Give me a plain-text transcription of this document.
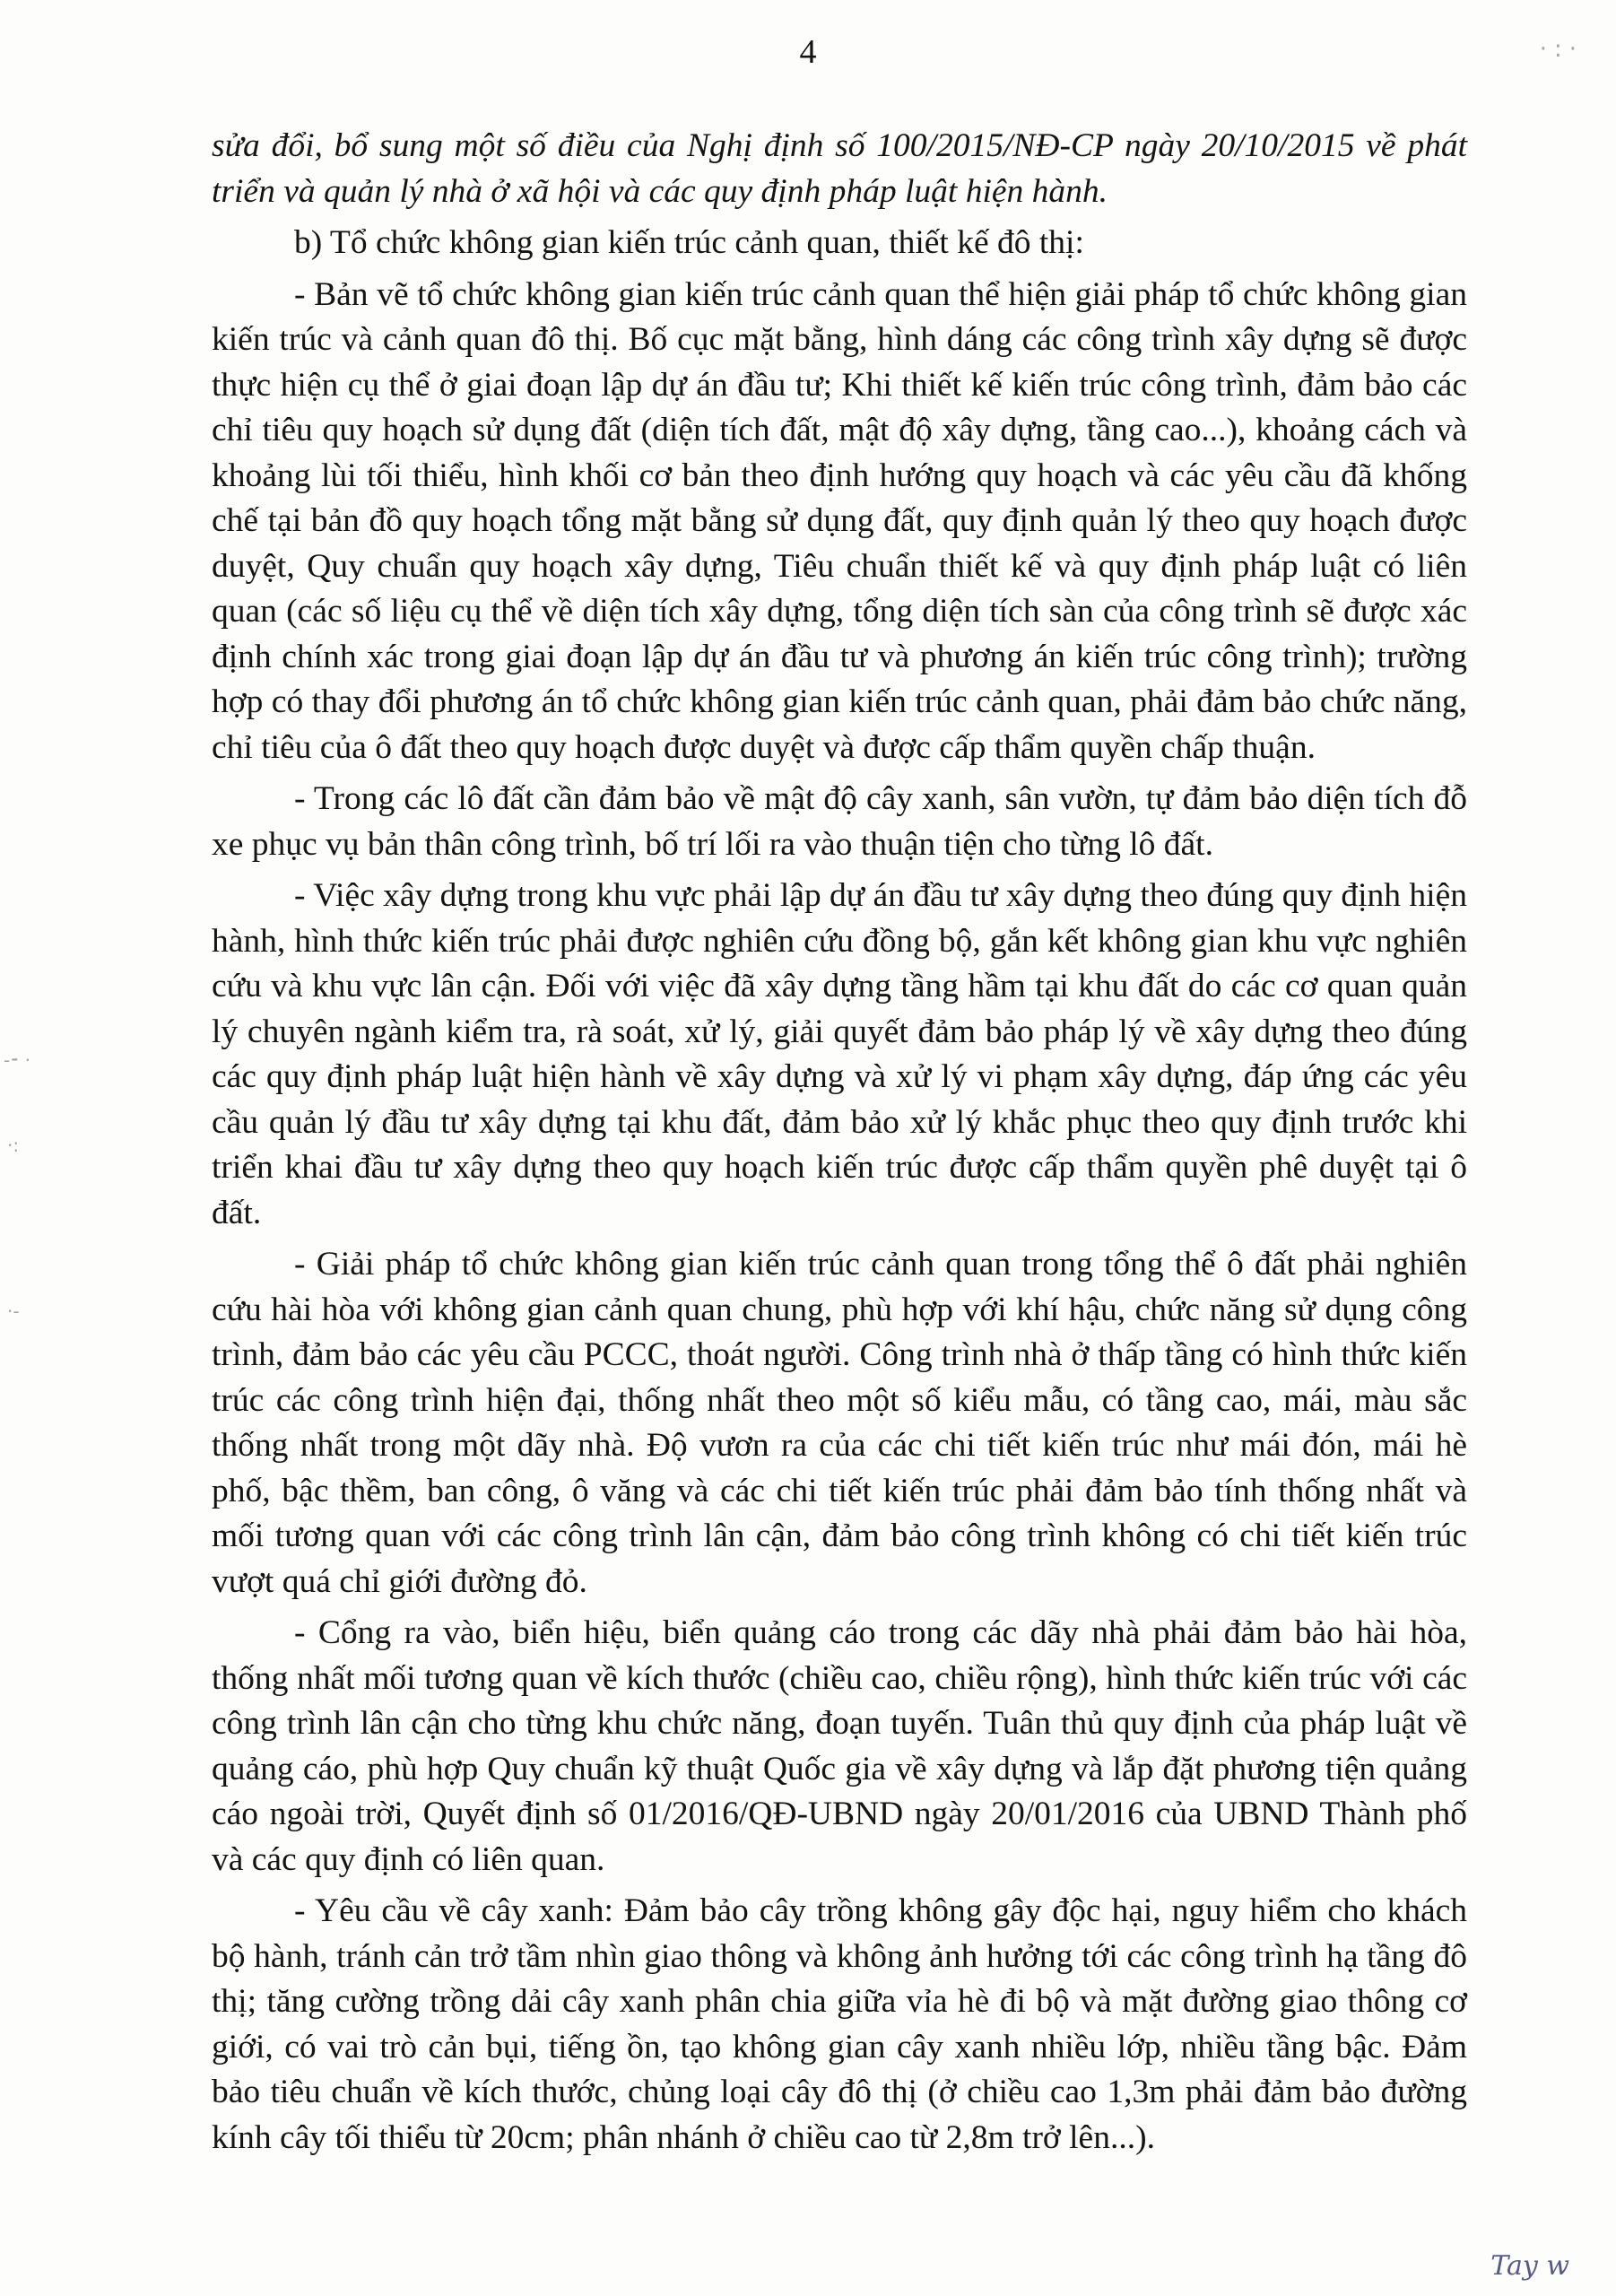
4

sửa đổi, bổ sung một số điều của Nghị định số 100/2015/NĐ-CP ngày 20/10/2015 về phát triển và quản lý nhà ở xã hội và các quy định pháp luật hiện hành.

b) Tổ chức không gian kiến trúc cảnh quan, thiết kế đô thị:

- Bản vẽ tổ chức không gian kiến trúc cảnh quan thể hiện giải pháp tổ chức không gian kiến trúc và cảnh quan đô thị. Bố cục mặt bằng, hình dáng các công trình xây dựng sẽ được thực hiện cụ thể ở giai đoạn lập dự án đầu tư; Khi thiết kế kiến trúc công trình, đảm bảo các chỉ tiêu quy hoạch sử dụng đất (diện tích đất, mật độ xây dựng, tầng cao...), khoảng cách và khoảng lùi tối thiểu, hình khối cơ bản theo định hướng quy hoạch và các yêu cầu đã khống chế tại bản đồ quy hoạch tổng mặt bằng sử dụng đất, quy định quản lý theo quy hoạch được duyệt, Quy chuẩn quy hoạch xây dựng, Tiêu chuẩn thiết kế và quy định pháp luật có liên quan (các số liệu cụ thể về diện tích xây dựng, tổng diện tích sàn của công trình sẽ được xác định chính xác trong giai đoạn lập dự án đầu tư và phương án kiến trúc công trình); trường hợp có thay đổi phương án tổ chức không gian kiến trúc cảnh quan, phải đảm bảo chức năng, chỉ tiêu của ô đất theo quy hoạch được duyệt và được cấp thẩm quyền chấp thuận.

- Trong các lô đất cần đảm bảo về mật độ cây xanh, sân vườn, tự đảm bảo diện tích đỗ xe phục vụ bản thân công trình, bố trí lối ra vào thuận tiện cho từng lô đất.

- Việc xây dựng trong khu vực phải lập dự án đầu tư xây dựng theo đúng quy định hiện hành, hình thức kiến trúc phải được nghiên cứu đồng bộ, gắn kết không gian khu vực nghiên cứu và khu vực lân cận. Đối với việc đã xây dựng tầng hầm tại khu đất do các cơ quan quản lý chuyên ngành kiểm tra, rà soát, xử lý, giải quyết đảm bảo pháp lý về xây dựng theo đúng các quy định pháp luật hiện hành về xây dựng và xử lý vi phạm xây dựng, đáp ứng các yêu cầu quản lý đầu tư xây dựng tại khu đất, đảm bảo xử lý khắc phục theo quy định trước khi triển khai đầu tư xây dựng theo quy hoạch kiến trúc được cấp thẩm quyền phê duyệt tại ô đất.

- Giải pháp tổ chức không gian kiến trúc cảnh quan trong tổng thể ô đất phải nghiên cứu hài hòa với không gian cảnh quan chung, phù hợp với khí hậu, chức năng sử dụng công trình, đảm bảo các yêu cầu PCCC, thoát người. Công trình nhà ở thấp tầng có hình thức kiến trúc các công trình hiện đại, thống nhất theo một số kiểu mẫu, có tầng cao, mái, màu sắc thống nhất trong một dãy nhà. Độ vươn ra của các chi tiết kiến trúc như mái đón, mái hè phố, bậc thềm, ban công, ô văng và các chi tiết kiến trúc phải đảm bảo tính thống nhất và mối tương quan với các công trình lân cận, đảm bảo công trình không có chi tiết kiến trúc vượt quá chỉ giới đường đỏ.

- Cổng ra vào, biển hiệu, biển quảng cáo trong các dãy nhà phải đảm bảo hài hòa, thống nhất mối tương quan về kích thước (chiều cao, chiều rộng), hình thức kiến trúc với các công trình lân cận cho từng khu chức năng, đoạn tuyến. Tuân thủ quy định của pháp luật về quảng cáo, phù hợp Quy chuẩn kỹ thuật Quốc gia về xây dựng và lắp đặt phương tiện quảng cáo ngoài trời, Quyết định số 01/2016/QĐ-UBND ngày 20/01/2016 của UBND Thành phố và các quy định có liên quan.

- Yêu cầu về cây xanh: Đảm bảo cây trồng không gây độc hại, nguy hiểm cho khách bộ hành, tránh cản trở tầm nhìn giao thông và không ảnh hưởng tới các công trình hạ tầng đô thị; tăng cường trồng dải cây xanh phân chia giữa vỉa hè đi bộ và mặt đường giao thông cơ giới, có vai trò cản bụi, tiếng ồn, tạo không gian cây xanh nhiều lớp, nhiều tầng bậc. Đảm bảo tiêu chuẩn về kích thước, chủng loại cây đô thị (ở chiều cao 1,3m phải đảm bảo đường kính cây tối thiểu từ 20cm; phân nhánh ở chiều cao từ 2,8m trở lên...).

·:·
-⁃ ·
·:
·-
Tay w
